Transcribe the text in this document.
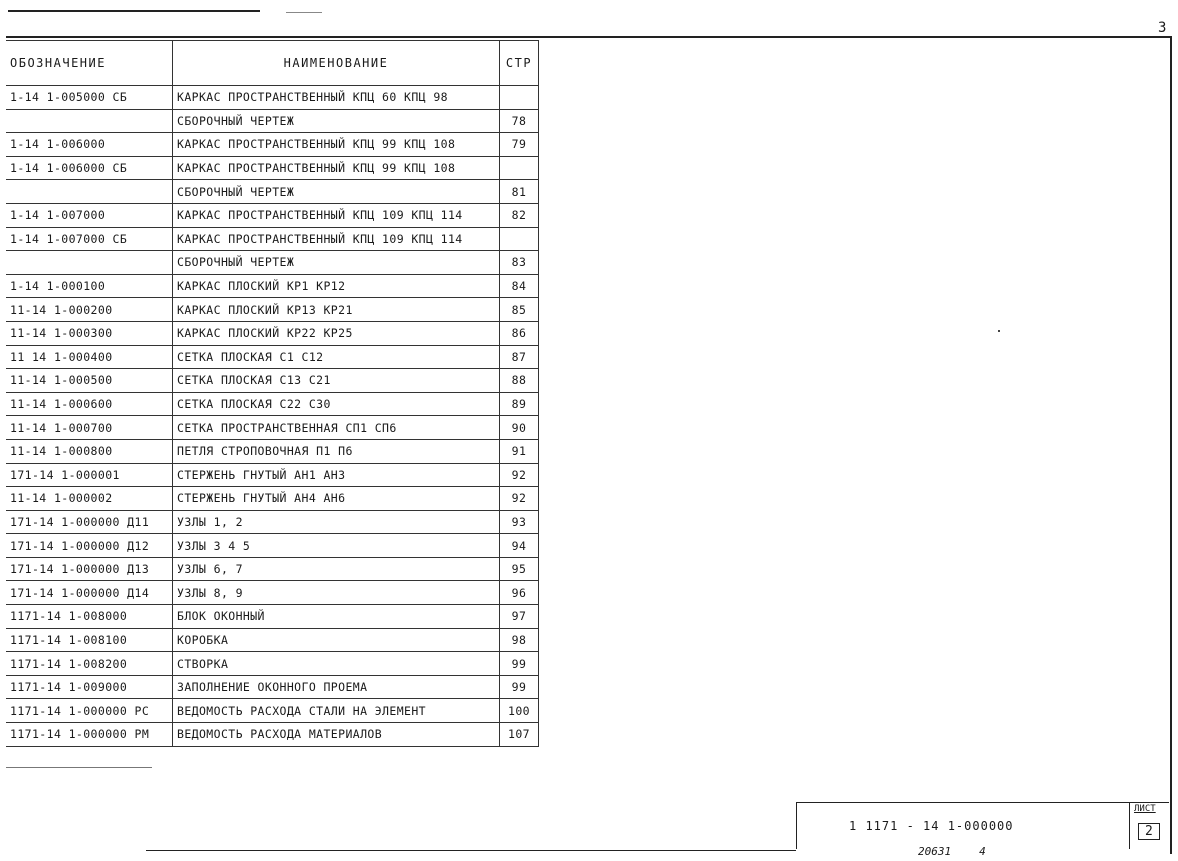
3
ОБОЗНАЧЕНИЕ	НАИМЕНОВАНИЕ	СТР
1-14 1-005000 СБ	КАРКАС ПРОСТРАНСТВЕННЫЙ КПЦ 60 КПЦ 98	
	СБОРОЧНЫЙ ЧЕРТЕЖ	78
1-14 1-006000	КАРКАС ПРОСТРАНСТВЕННЫЙ КПЦ 99 КПЦ 108	79
1-14 1-006000 СБ	КАРКАС ПРОСТРАНСТВЕННЫЙ КПЦ 99 КПЦ 108	
	СБОРОЧНЫЙ ЧЕРТЕЖ	81
1-14 1-007000	КАРКАС ПРОСТРАНСТВЕННЫЙ КПЦ 109 КПЦ 114	82
1-14 1-007000 СБ	КАРКАС ПРОСТРАНСТВЕННЫЙ КПЦ 109 КПЦ 114	
	СБОРОЧНЫЙ ЧЕРТЕЖ	83
1-14 1-000100	КАРКАС ПЛОСКИЙ КР1 КР12	84
11-14 1-000200	КАРКАС ПЛОСКИЙ КР13 КР21	85
11-14 1-000300	КАРКАС ПЛОСКИЙ КР22 КР25	86
11 14 1-000400	СЕТКА ПЛОСКАЯ С1 С12	87
11-14 1-000500	СЕТКА ПЛОСКАЯ С13 С21	88
11-14 1-000600	СЕТКА ПЛОСКАЯ С22 С30	89
11-14 1-000700	СЕТКА ПРОСТРАНСТВЕННАЯ СП1 СП6	90
11-14 1-000800	ПЕТЛЯ СТРОПОВОЧНАЯ П1 П6	91
171-14 1-000001	СТЕРЖЕНЬ ГНУТЫЙ АН1 АН3	92
11-14 1-000002	СТЕРЖЕНЬ ГНУТЫЙ АН4 АН6	92
171-14 1-000000 Д11	УЗЛЫ 1, 2	93
171-14 1-000000 Д12	УЗЛЫ 3 4 5	94
171-14 1-000000 Д13	УЗЛЫ 6, 7	95
171-14 1-000000 Д14	УЗЛЫ 8, 9	96
1171-14 1-008000	БЛОК ОКОННЫЙ	97
1171-14 1-008100	КОРОБКА	98
1171-14 1-008200	СТВОРКА	99
1171-14 1-009000	ЗАПОЛНЕНИЕ ОКОННОГО ПРОЕМА	99
1171-14 1-000000 РС	ВЕДОМОСТЬ РАСХОДА СТАЛИ НА ЭЛЕМЕНТ	100
1171-14 1-000000 РМ	ВЕДОМОСТЬ РАСХОДА МАТЕРИАЛОВ	107
1 1171 - 14 1-000000
ЛИСТ
2
20631	4
